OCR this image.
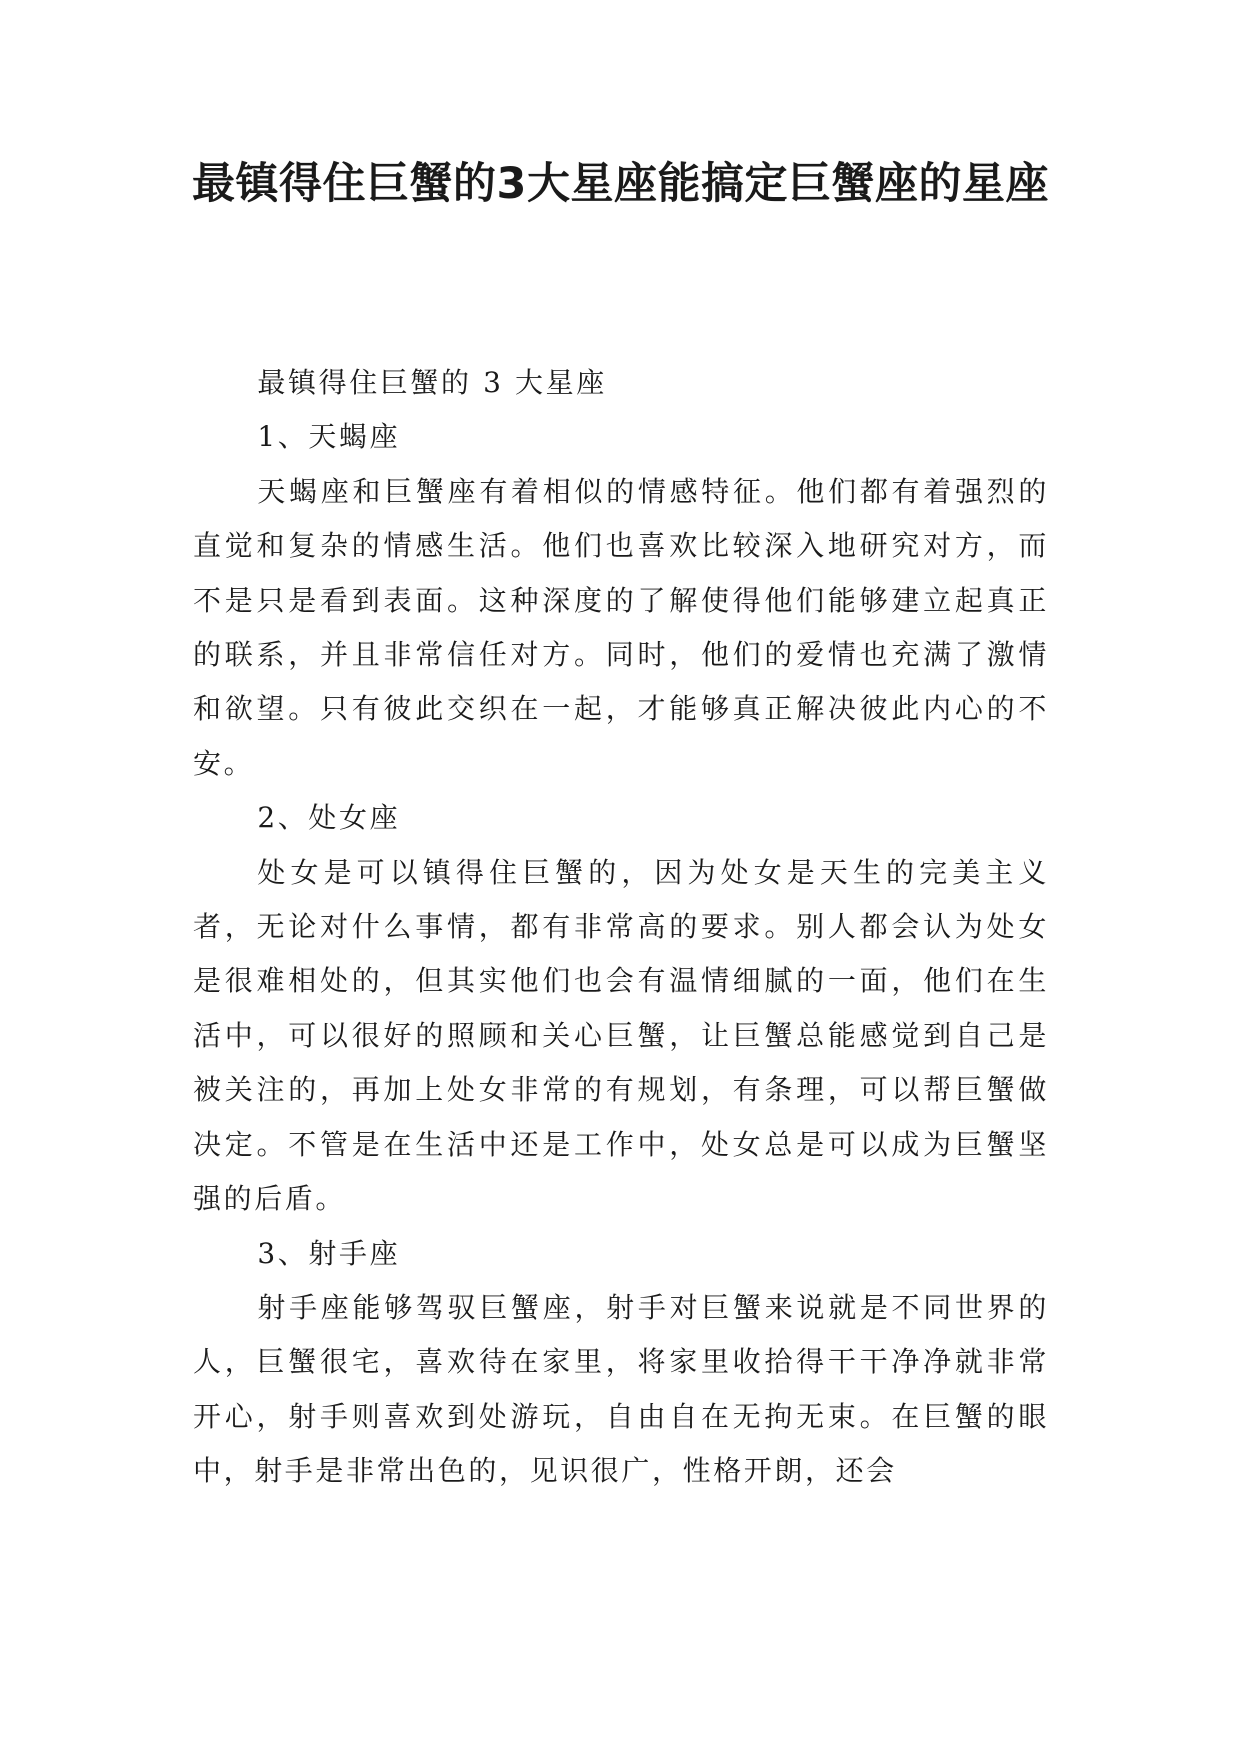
最镇得住巨蟹的3大星座能搞定巨蟹座的星座

最镇得住巨蟹的 3 大星座

1、天蝎座

天蝎座和巨蟹座有着相似的情感特征。他们都有着强烈的直觉和复杂的情感生活。他们也喜欢比较深入地研究对方，而不是只是看到表面。这种深度的了解使得他们能够建立起真正的联系，并且非常信任对方。同时，他们的爱情也充满了激情和欲望。只有彼此交织在一起，才能够真正解决彼此内心的不安。

2、处女座

处女是可以镇得住巨蟹的，因为处女是天生的完美主义者，无论对什么事情，都有非常高的要求。别人都会认为处女是很难相处的，但其实他们也会有温情细腻的一面，他们在生活中，可以很好的照顾和关心巨蟹，让巨蟹总能感觉到自己是被关注的，再加上处女非常的有规划，有条理，可以帮巨蟹做决定。不管是在生活中还是工作中，处女总是可以成为巨蟹坚强的后盾。

3、射手座

射手座能够驾驭巨蟹座，射手对巨蟹来说就是不同世界的人，巨蟹很宅，喜欢待在家里，将家里收拾得干干净净就非常开心，射手则喜欢到处游玩，自由自在无拘无束。在巨蟹的眼中，射手是非常出色的，见识很广，性格开朗，还会
